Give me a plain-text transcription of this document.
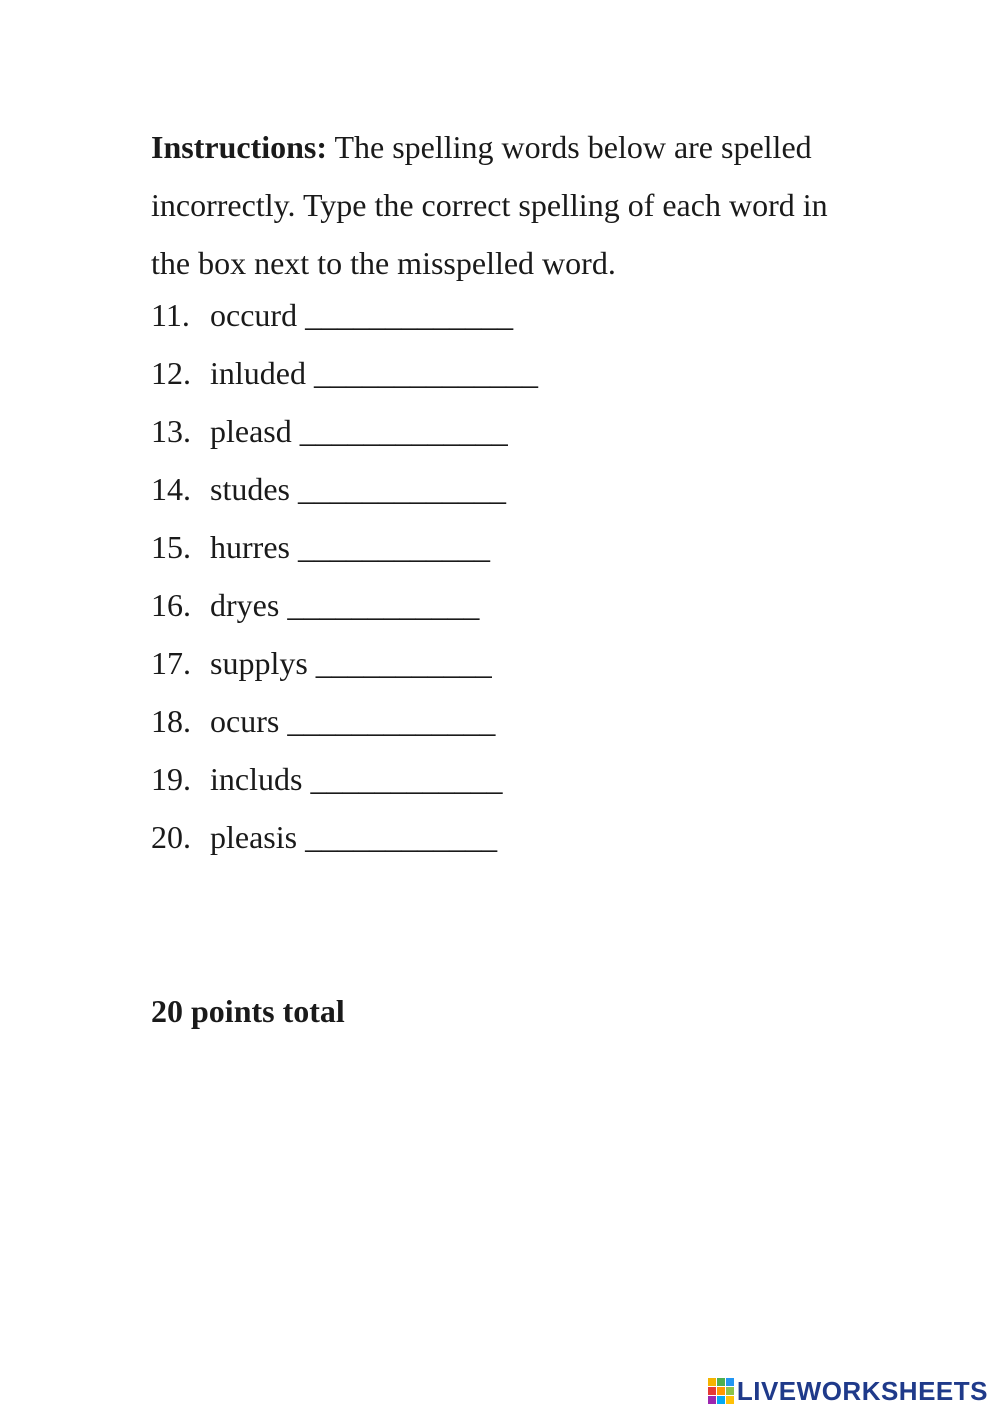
Instructions: The spelling words below are spelled incorrectly. Type the correct spelling of each word in the box next to the misspelled word.

11. occurd _____________
12. inluded ______________
13. pleasd _____________
14. studes _____________
15. hurres ____________
16. dryes ____________
17. supplys ___________
18. ocurs _____________
19. includs ____________
20. pleasis ____________
20 points total
LIVEWORKSHEETS
